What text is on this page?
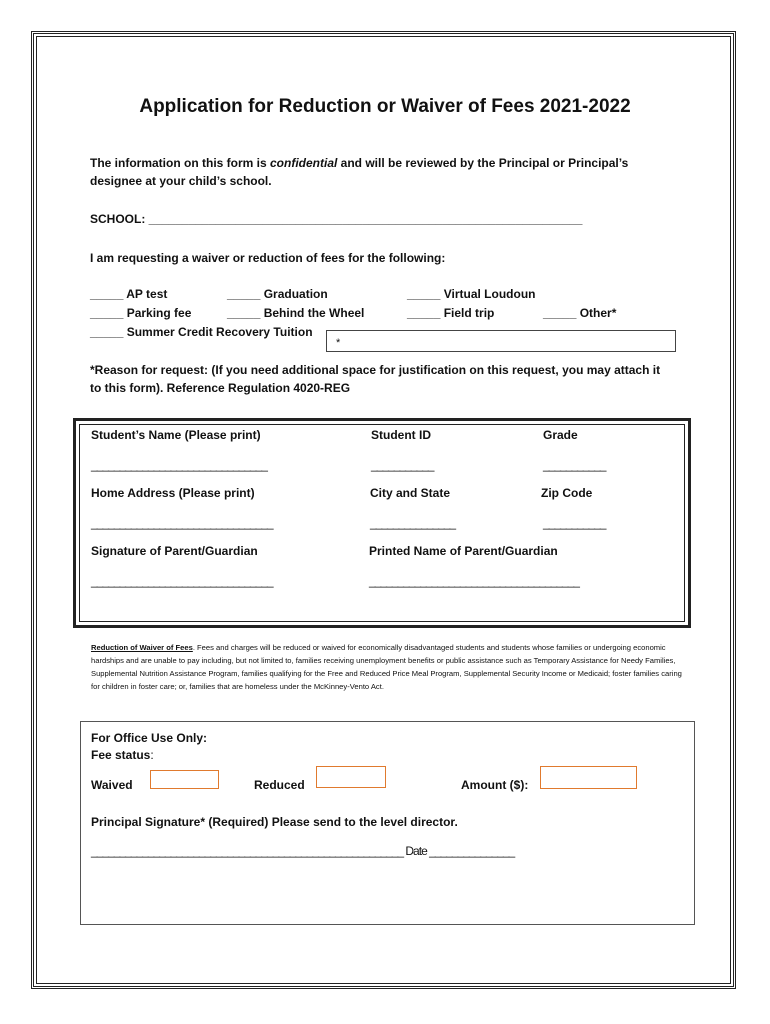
Application for Reduction or Waiver of Fees 2021-2022
The information on this form is confidential and will be reviewed by the Principal or Principal’s
designee at your child’s school.
SCHOOL: _________________________________________________________________
I am requesting a waiver or reduction of fees for the following:
_____ AP test	_____ Graduation	_____ Virtual Loudoun
_____ Parking fee	_____ Behind the Wheel	_____ Field trip	_____ Other*
_____ Summer Credit Recovery Tuition
*
*Reason for request: (If you need additional space for justification on this request, you may attach it
to this form). Reference Regulation 4020-REG
Student’s Name (Please print)	Student ID	Grade
_______________________________	___________	___________
Home Address (Please print)	City and State	Zip Code
________________________________	_______________	___________
Signature of Parent/Guardian	Printed Name of Parent/Guardian
________________________________	_____________________________________
Reduction of Waiver of Fees. Fees and charges will be reduced or waived for economically disadvantaged students and students whose families or undergoing economic hardships and are unable to pay including, but not limited to, families receiving unemployment benefits or public assistance such as Temporary Assistance for Needy Families, Supplemental Nutrition Assistance Program, families qualifying for the Free and Reduced Price Meal Program, Supplemental Security Income or Medicaid; foster families caring for children in foster care; or, families that are homeless under the McKinney-Vento Act.
For Office Use Only:
Fee status:
Waived	Reduced	Amount ($):
Principal Signature* (Required) Please send to the level director.
_______________________________________________________ Date _______________
